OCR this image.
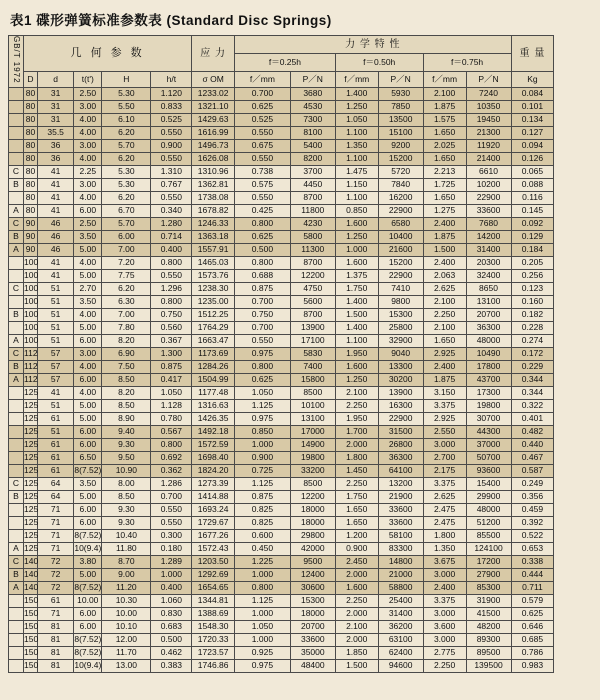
表1 碟形弹簧标准参数表 (Standard Disc Springs)
GB/T 1972	几 何 参 数					应 力	力 学 特 性						重 量
							f＝0.25h		f＝0.50h		f＝0.75h		
	D	d	t(t')	H	h/t	σ OM	f／mm	P／N	f／mm	P／N	f／mm	P／N	Kg
	80	31	2.50	5.30	1.120	1233.02	0.700	3680	1.400	5930	2.100	7240	0.084
	80	31	3.00	5.50	0.833	1321.10	0.625	4530	1.250	7850	1.875	10350	0.101
	80	31	4.00	6.10	0.525	1429.63	0.525	7300	1.050	13500	1.575	19450	0.134
	80	35.5	4.00	6.20	0.550	1616.99	0.550	8100	1.100	15100	1.650	21300	0.127
	80	36	3.00	5.70	0.900	1496.73	0.675	5400	1.350	9200	2.025	11920	0.094
	80	36	4.00	6.20	0.550	1626.08	0.550	8200	1.100	15200	1.650	21400	0.126
C	80	41	2.25	5.30	1.310	1310.96	0.738	3700	1.475	5720	2.213	6610	0.065
B	80	41	3.00	5.30	0.767	1362.81	0.575	4450	1.150	7840	1.725	10200	0.088
	80	41	4.00	6.20	0.550	1738.08	0.550	8700	1.100	16200	1.650	22900	0.116
A	80	41	6.00	6.70	0.340	1678.82	0.425	11800	0.850	22900	1.275	33600	0.145
C	90	46	2.50	5.70	1.280	1246.33	0.800	4230	1.600	6580	2.400	7680	0.092
B	90	46	3.50	6.00	0.714	1363.18	0.625	5800	1.250	10400	1.875	14200	0.129
A	90	46	5.00	7.00	0.400	1557.91	0.500	11300	1.000	21600	1.500	31400	0.184
	100	41	4.00	7.20	0.800	1465.03	0.800	8700	1.600	15200	2.400	20300	0.205
	100	41	5.00	7.75	0.550	1573.76	0.688	12200	1.375	22900	2.063	32400	0.256
C	100	51	2.70	6.20	1.296	1238.30	0.875	4750	1.750	7410	2.625	8650	0.123
	100	51	3.50	6.30	0.800	1235.00	0.700	5600	1.400	9800	2.100	13100	0.160
B	100	51	4.00	7.00	0.750	1512.25	0.750	8700	1.500	15300	2.250	20700	0.182
	100	51	5.00	7.80	0.560	1764.29	0.700	13900	1.400	25800	2.100	36300	0.228
A	100	51	6.00	8.20	0.367	1663.47	0.550	17100	1.100	32900	1.650	48000	0.274
C	112	57	3.00	6.90	1.300	1173.69	0.975	5830	1.950	9040	2.925	10490	0.172
B	112	57	4.00	7.50	0.875	1284.26	0.800	7400	1.600	13300	2.400	17800	0.229
A	112	57	6.00	8.50	0.417	1504.99	0.625	15800	1.250	30200	1.875	43700	0.344
	125	41	4.00	8.20	1.050	1177.48	1.050	8500	2.100	13900	3.150	17300	0.344
	125	51	5.00	8.50	1.128	1316.63	1.125	10100	2.250	16300	3.375	19800	0.322
	125	61	5.00	8.90	0.780	1426.35	0.975	13100	1.950	22900	2.925	30700	0.401
	125	51	6.00	9.40	0.567	1492.18	0.850	17000	1.700	31500	2.550	44300	0.482
	125	61	6.00	9.30	0.800	1572.59	1.000	14900	2.000	26800	3.000	37000	0.440
	125	61	6.50	9.50	0.692	1698.40	0.900	19800	1.800	36300	2.700	50700	0.467
	125	61	8(7.52)	10.90	0.362	1824.20	0.725	33200	1.450	64100	2.175	93600	0.587
C	125	64	3.50	8.00	1.286	1273.39	1.125	8500	2.250	13200	3.375	15400	0.249
B	125	64	5.00	8.50	0.700	1414.88	0.875	12200	1.750	21900	2.625	29900	0.356
	125	71	6.00	9.30	0.550	1693.24	0.825	18000	1.650	33600	2.475	48000	0.459
	125	71	6.00	9.30	0.550	1729.67	0.825	18000	1.650	33600	2.475	51200	0.392
	125	71	8(7.52)	10.40	0.300	1677.26	0.600	29800	1.200	58100	1.800	85500	0.522
A	125	71	10(9.4)	11.80	0.180	1572.43	0.450	42000	0.900	83300	1.350	124100	0.653
C	140	72	3.80	8.70	1.289	1203.50	1.225	9500	2.450	14800	3.675	17200	0.338
B	140	72	5.00	9.00	1.000	1292.69	1.000	12400	2.000	21000	3.000	27900	0.444
A	140	72	8(7.52)	11.20	0.400	1654.65	0.800	30600	1.600	58800	2.400	85300	0.711
	150	61	10.00	10.30	1.060	1344.81	1.125	15300	2.250	25400	3.375	31900	0.579
	150	71	6.00	10.00	0.830	1388.69	1.000	18000	2.000	31400	3.000	41500	0.625
	150	81	6.00	10.10	0.683	1548.30	1.050	20700	2.100	36200	3.600	48200	0.646
	150	81	8(7.52)	12.00	0.500	1720.33	1.000	33600	2.000	63100	3.000	89300	0.685
	150	81	8(7.52)	11.70	0.462	1723.57	0.925	35000	1.850	62400	2.775	89500	0.786
	150	81	10(9.4)	13.00	0.383	1746.86	0.975	48400	1.500	94600	2.250	139500	0.983
